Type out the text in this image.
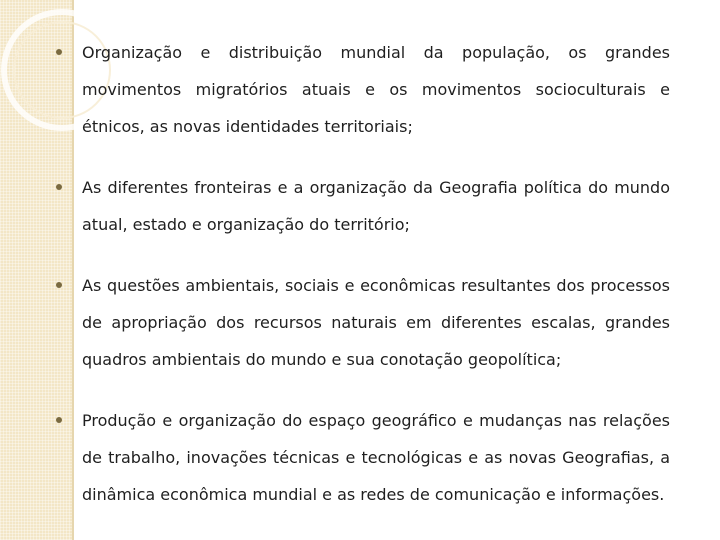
Organização e distribuição mundial da população, os grandes movimentos migratórios atuais e os movimentos socioculturais e étnicos, as novas identidades territoriais;
As diferentes fronteiras e a organização da Geografia política do mundo atual, estado e organização do território;
As questões ambientais, sociais e econômicas resultantes dos processos de apropriação dos recursos naturais em diferentes escalas, grandes quadros ambientais do mundo e sua conotação geopolítica;
Produção e organização do espaço geográfico e mudanças nas relações de trabalho, inovações técnicas e tecnológicas e as novas Geografias, a dinâmica econômica mundial e as redes de comunicação e informações.
